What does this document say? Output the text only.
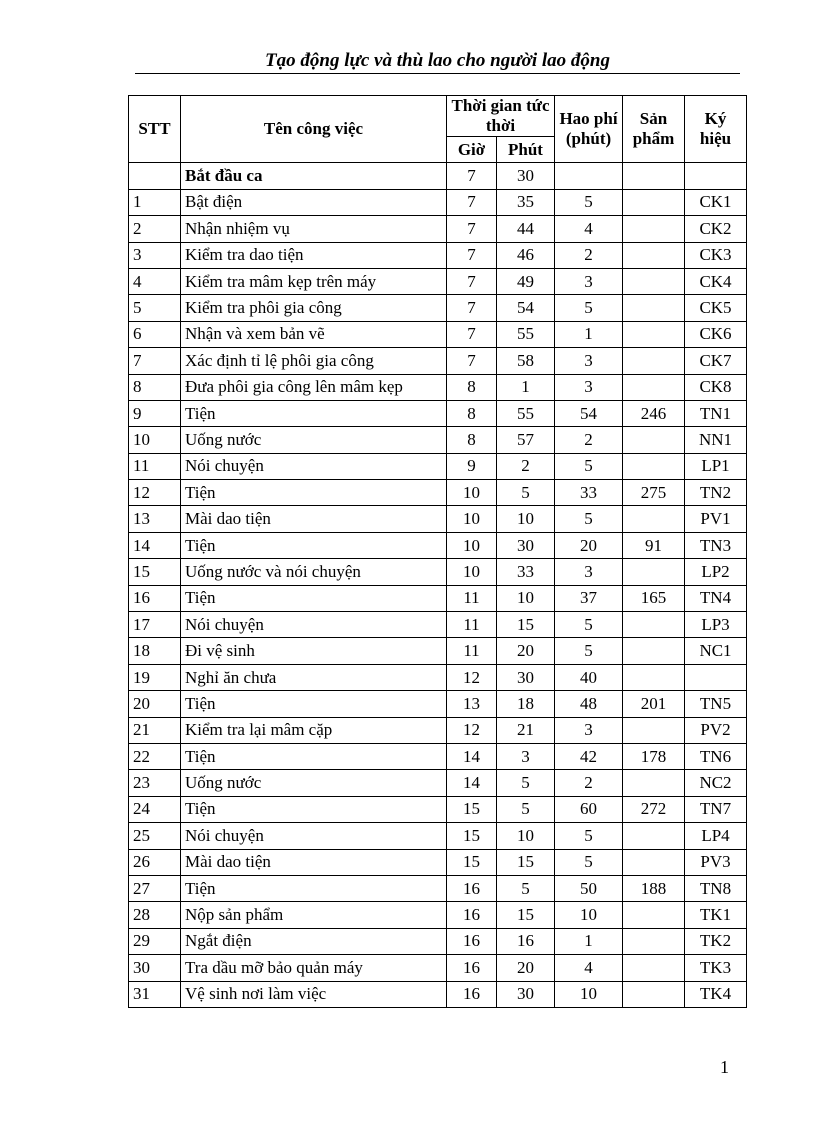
Tạo động lực và thù lao cho người lao động
STT	Tên công việc	Thời gian tức thời		Hao phí (phút)	Sản phẩm	Ký hiệu
		Giờ	Phút			
	Bắt đầu ca	7	30			
1	Bật điện	7	35	5		CK1
2	Nhận nhiệm vụ	7	44	4		CK2
3	Kiểm tra dao tiện	7	46	2		CK3
4	Kiểm tra mâm kẹp trên máy	7	49	3		CK4
5	Kiểm tra phôi gia công	7	54	5		CK5
6	Nhận và xem bản vẽ	7	55	1		CK6
7	Xác định tỉ lệ phôi gia công	7	58	3		CK7
8	Đưa phôi gia công lên mâm kẹp	8	1	3		CK8
9	Tiện	8	55	54	246	TN1
10	Uống nước	8	57	2		NN1
11	Nói chuyện	9	2	5		LP1
12	Tiện	10	5	33	275	TN2
13	Mài dao tiện	10	10	5		PV1
14	Tiện	10	30	20	91	TN3
15	Uống nước và nói chuyện	10	33	3		LP2
16	Tiện	11	10	37	165	TN4
17	Nói chuyện	11	15	5		LP3
18	Đi vệ sinh	11	20	5		NC1
19	Nghỉ ăn chưa	12	30	40		
20	Tiện	13	18	48	201	TN5
21	Kiểm tra lại mâm cặp	12	21	3		PV2
22	Tiện	14	3	42	178	TN6
23	Uống nước	14	5	2		NC2
24	Tiện	15	5	60	272	TN7
25	Nói chuyện	15	10	5		LP4
26	Mài dao tiện	15	15	5		PV3
27	Tiện	16	5	50	188	TN8
28	Nộp sản phẩm	16	15	10		TK1
29	Ngắt điện	16	16	1		TK2
30	Tra dầu mỡ bảo quản máy	16	20	4		TK3
31	Vệ sinh nơi làm việc	16	30	10		TK4
1
